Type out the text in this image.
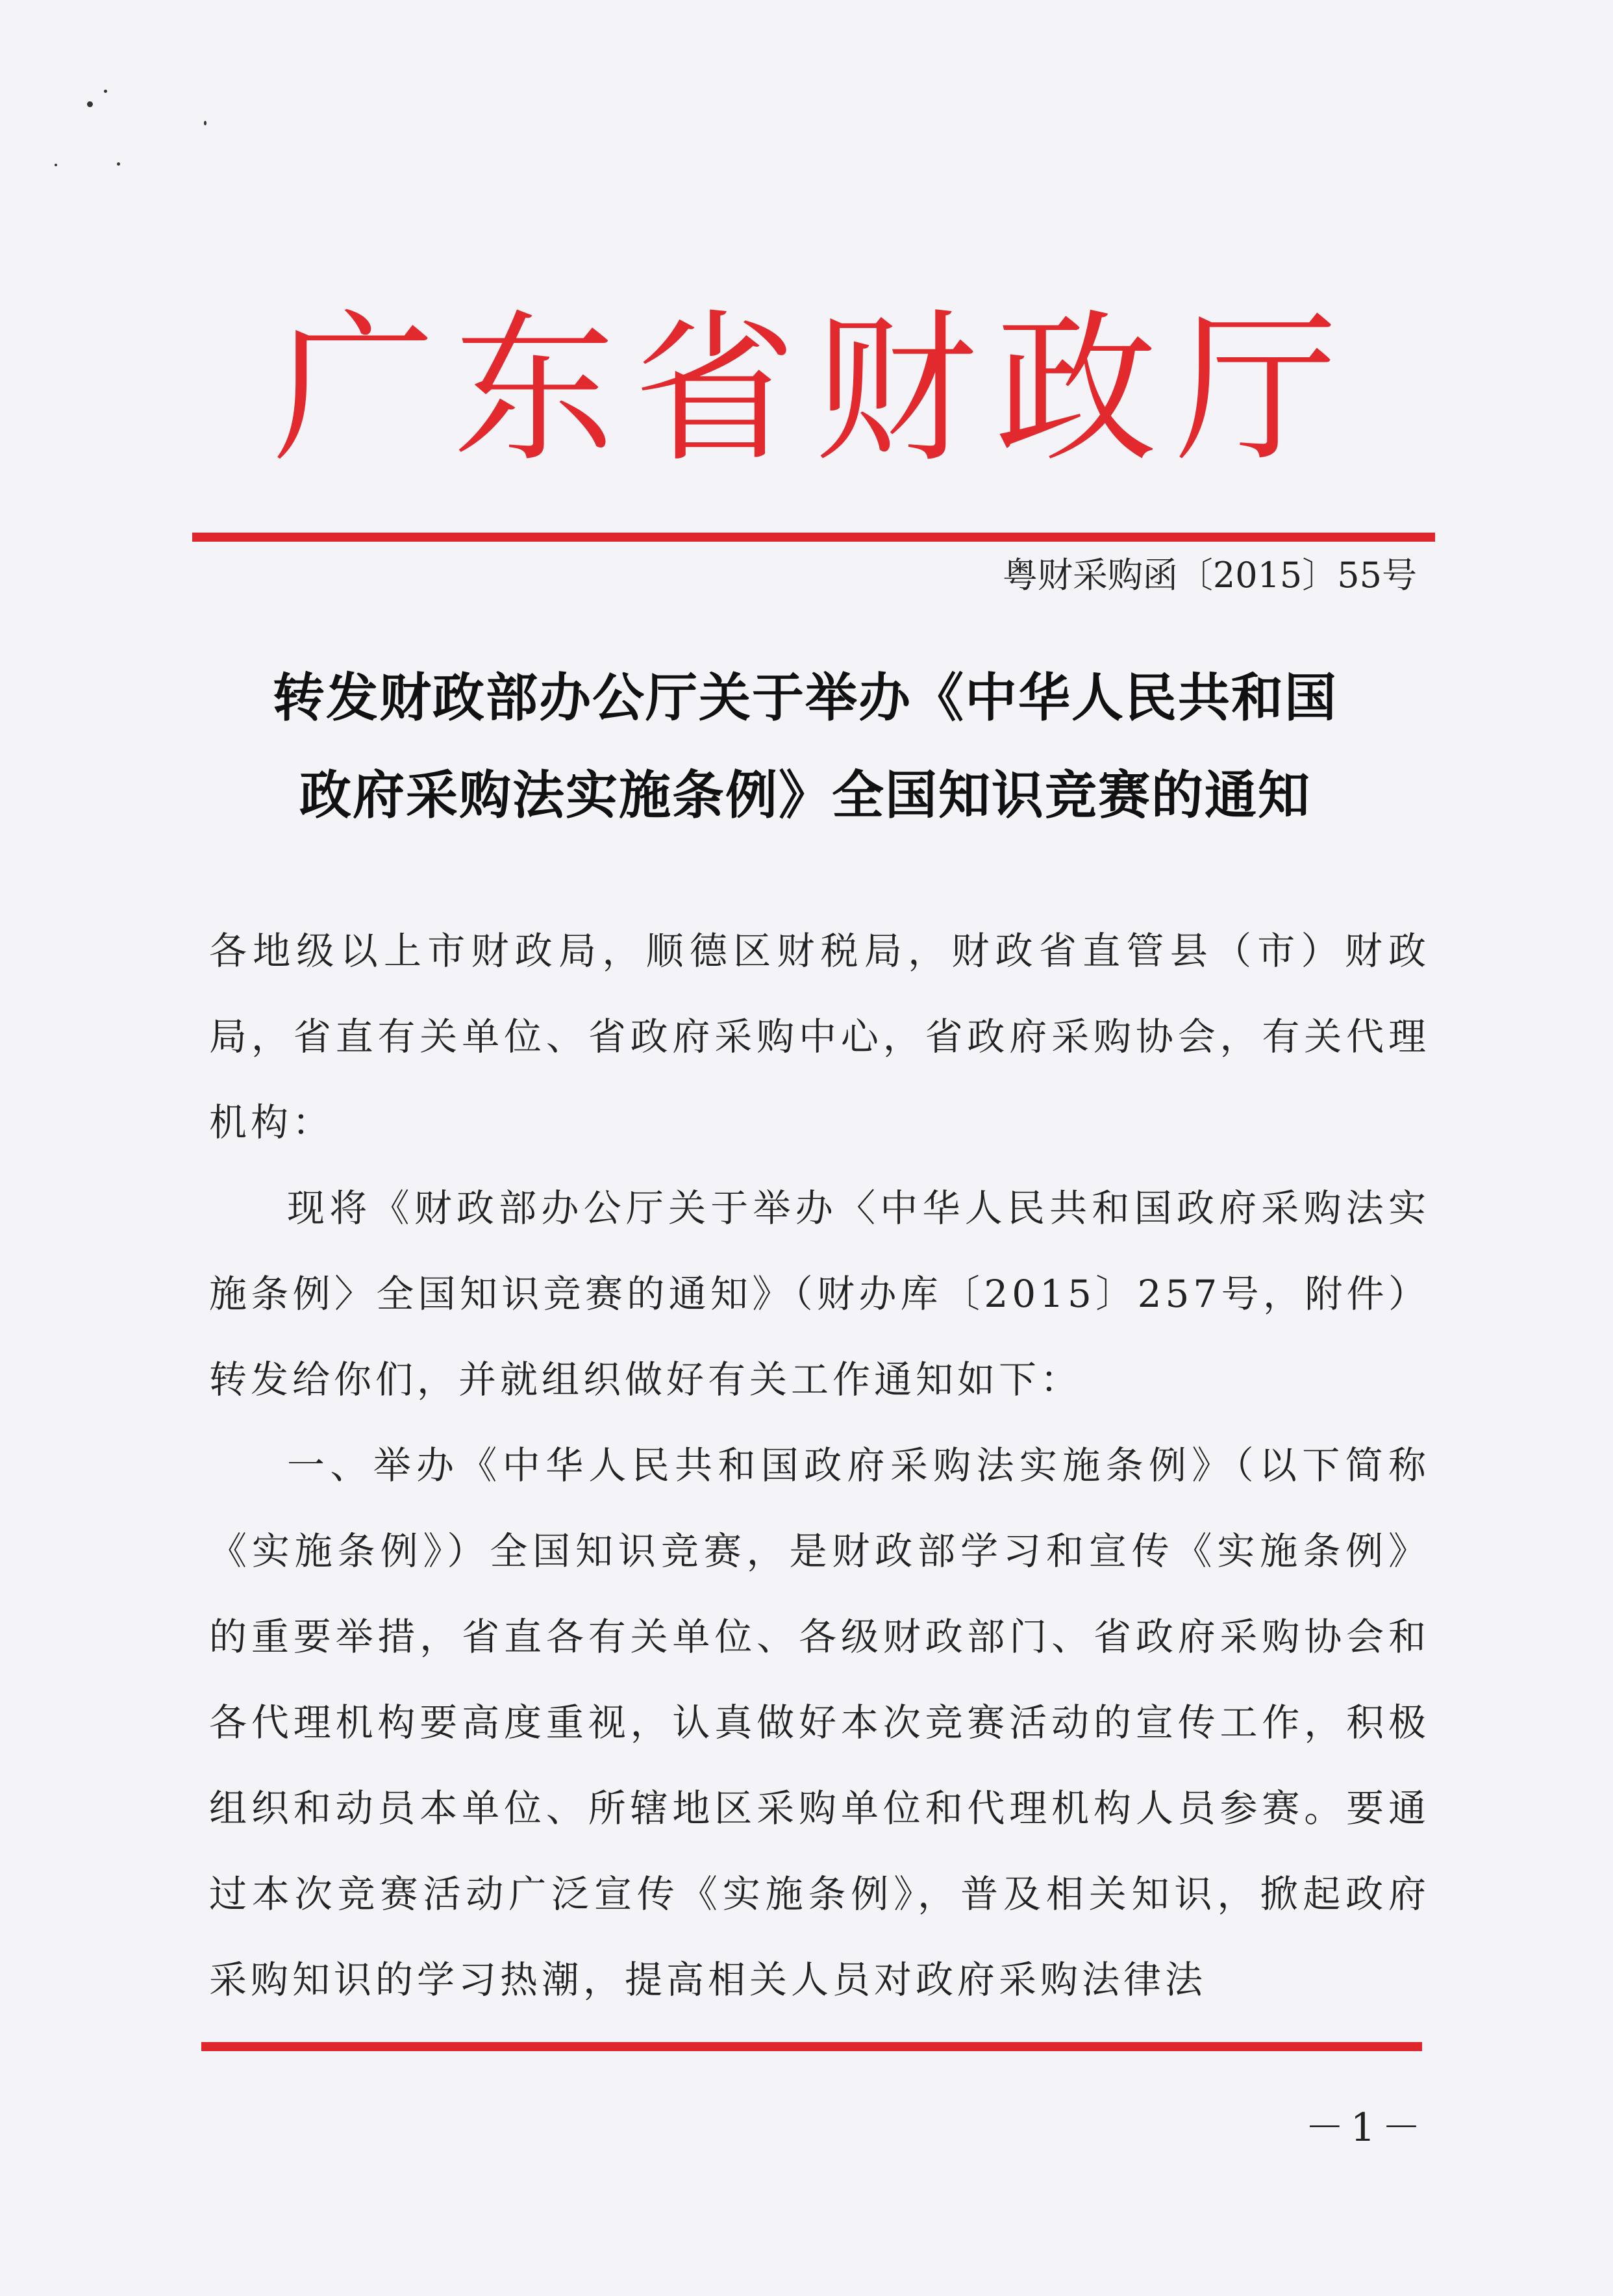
广东省财政厅
粤财采购函〔2015〕55号
转发财政部办公厅关于举办《中华人民共和国
政府采购法实施条例》全国知识竞赛的通知

各地级以上市财政局，顺德区财税局，财政省直管县（市）财政局，省直有关单位、省政府采购中心，省政府采购协会，有关代理机构：

现将《财政部办公厅关于举办〈中华人民共和国政府采购法实施条例〉全国知识竞赛的通知》（财办库〔2015〕257号，附件）转发给你们，并就组织做好有关工作通知如下：

一、举办《中华人民共和国政府采购法实施条例》（以下简称《实施条例》）全国知识竞赛，是财政部学习和宣传《实施条例》的重要举措，省直各有关单位、各级财政部门、省政府采购协会和各代理机构要高度重视，认真做好本次竞赛活动的宣传工作，积极组织和动员本单位、所辖地区采购单位和代理机构人员参赛。要通过本次竞赛活动广泛宣传《实施条例》，普及相关知识，掀起政府采购知识的学习热潮，提高相关人员对政府采购法律法

－1－
